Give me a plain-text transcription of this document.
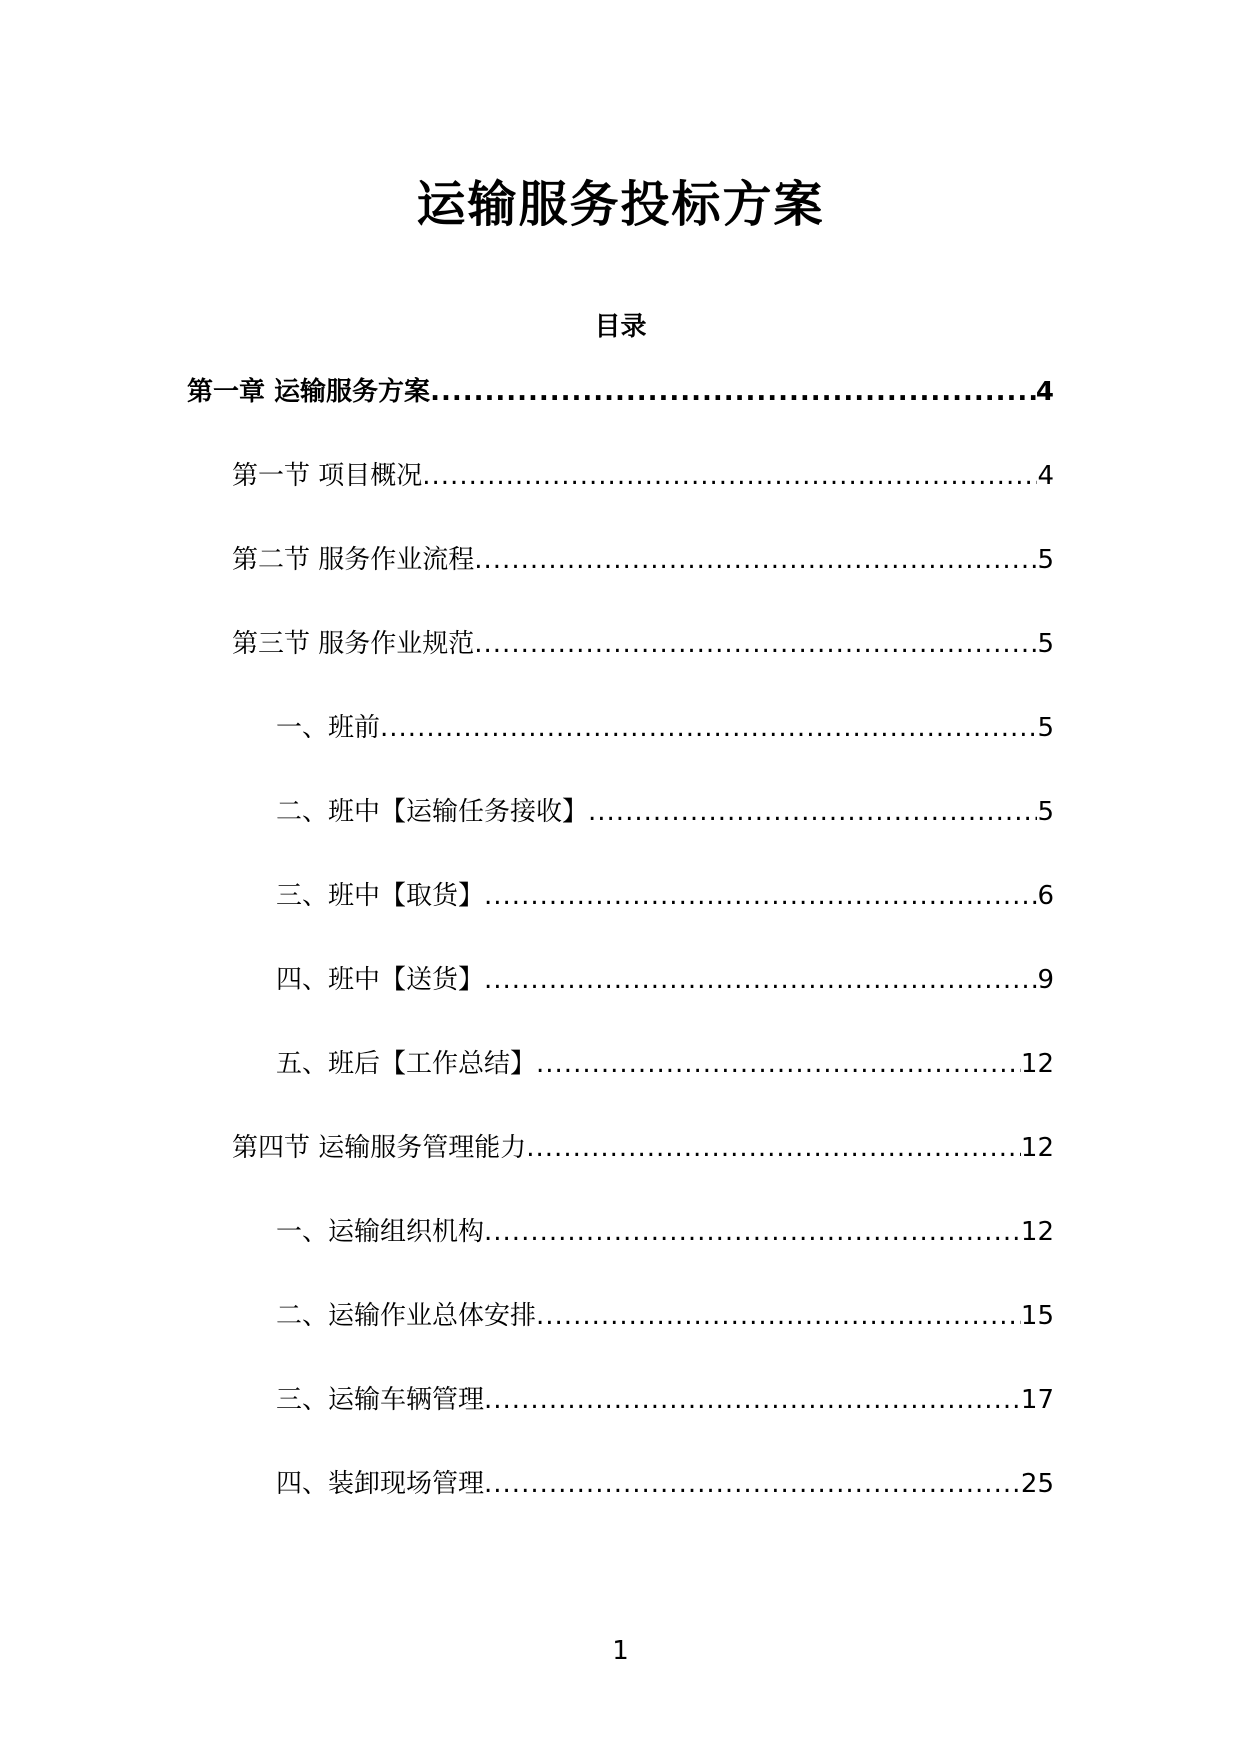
运输服务投标方案
目录
第一章 运输服务方案 .....	4
第一节 项目概况 .....	4
第二节 服务作业流程 .....	5
第三节 服务作业规范 .....	5
一、班前 .....	5
二、班中【运输任务接收】 .....	5
三、班中【取货】 .....	6
四、班中【送货】 .....	9
五、班后【工作总结】 .....	12
第四节 运输服务管理能力 .....	12
一、运输组织机构 .....	12
二、运输作业总体安排 .....	15
三、运输车辆管理 .....	17
四、装卸现场管理 .....	25
1
